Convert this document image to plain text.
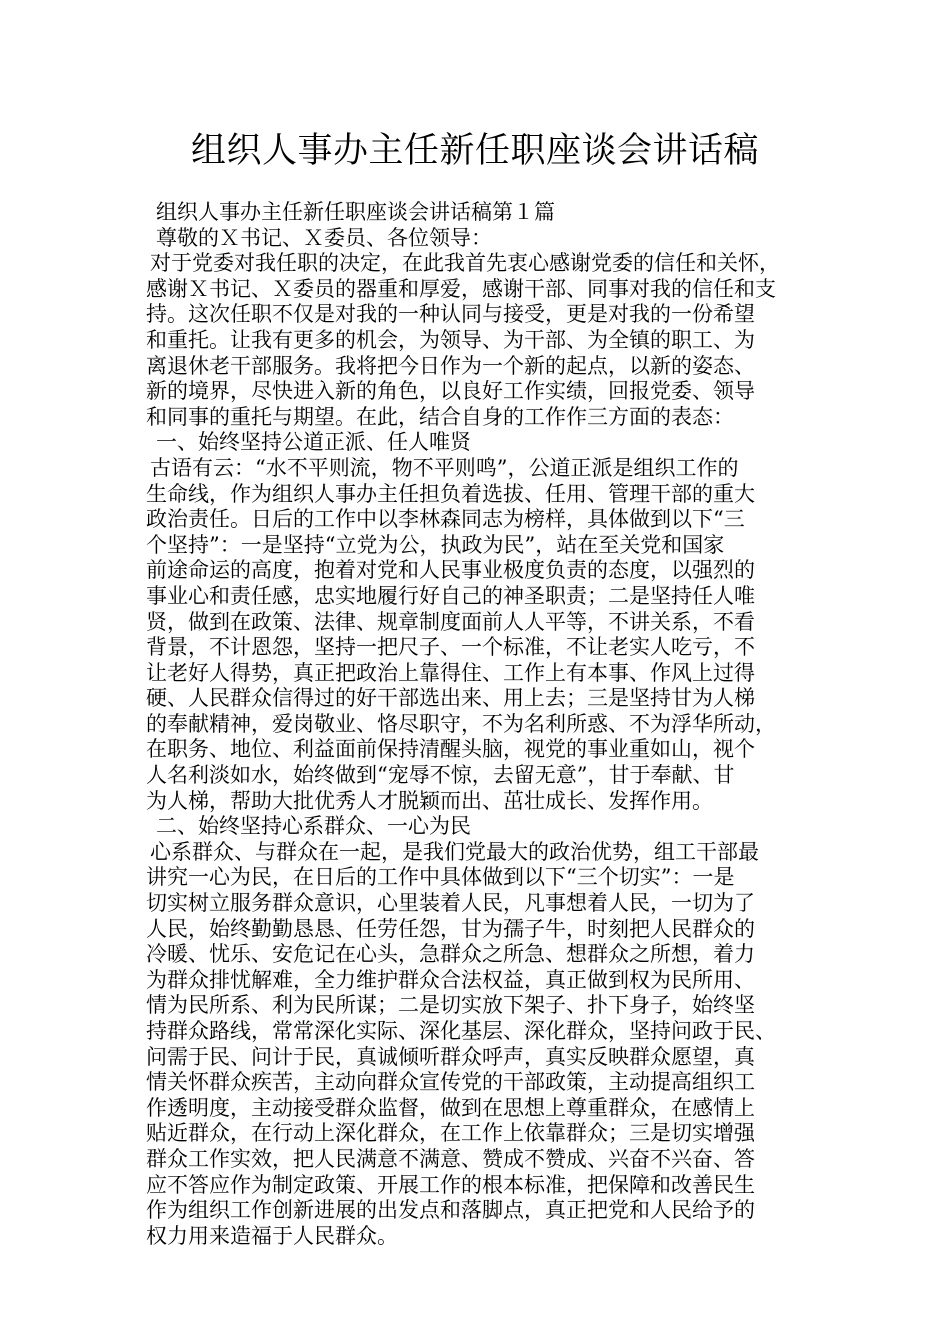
组织人事办主任新任职座谈会讲话稿
组织人事办主任新任职座谈会讲话稿第１篇
尊敬的Ｘ书记、Ｘ委员、各位领导：
对于党委对我任职的决定，在此我首先衷心感谢党委的信任和关怀，
感谢Ｘ书记、Ｘ委员的器重和厚爱，感谢干部、同事对我的信任和支
持。这次任职不仅是对我的一种认同与接受，更是对我的一份希望
和重托。让我有更多的机会，为领导、为干部、为全镇的职工、为
离退休老干部服务。我将把今日作为一个新的起点，以新的姿态、
新的境界，尽快进入新的角色，以良好工作实绩，回报党委、领导
和同事的重托与期望。在此，结合自身的工作作三方面的表态：
一、始终坚持公道正派、任人唯贤
古语有云：“水不平则流，物不平则鸣”，公道正派是组织工作的
生命线，作为组织人事办主任担负着选拔、任用、管理干部的重大
政治责任。日后的工作中以李林森同志为榜样，具体做到以下“三
个坚持”：一是坚持“立党为公，执政为民”，站在至关党和国家
前途命运的高度，抱着对党和人民事业极度负责的态度，以强烈的
事业心和责任感，忠实地履行好自己的神圣职责；二是坚持任人唯
贤，做到在政策、法律、规章制度面前人人平等，不讲关系，不看
背景，不计恩怨，坚持一把尺子、一个标准，不让老实人吃亏，不
让老好人得势，真正把政治上靠得住、工作上有本事、作风上过得
硬、人民群众信得过的好干部选出来、用上去；三是坚持甘为人梯
的奉献精神，爱岗敬业、恪尽职守，不为名利所惑、不为浮华所动，
在职务、地位、利益面前保持清醒头脑，视党的事业重如山，视个
人名利淡如水，始终做到“宠辱不惊，去留无意”，甘于奉献、甘
为人梯，帮助大批优秀人才脱颖而出、茁壮成长、发挥作用。
二、始终坚持心系群众、一心为民
心系群众、与群众在一起，是我们党最大的政治优势，组工干部最
讲究一心为民，在日后的工作中具体做到以下“三个切实”：一是
切实树立服务群众意识，心里装着人民，凡事想着人民，一切为了
人民，始终勤勤恳恳、任劳任怨，甘为孺子牛，时刻把人民群众的
冷暖、忧乐、安危记在心头，急群众之所急、想群众之所想，着力
为群众排忧解难，全力维护群众合法权益，真正做到权为民所用、
情为民所系、利为民所谋；二是切实放下架子、扑下身子，始终坚
持群众路线，常常深化实际、深化基层、深化群众，坚持问政于民、
问需于民、问计于民，真诚倾听群众呼声，真实反映群众愿望，真
情关怀群众疾苦，主动向群众宣传党的干部政策，主动提高组织工
作透明度，主动接受群众监督，做到在思想上尊重群众，在感情上
贴近群众，在行动上深化群众，在工作上依靠群众；三是切实增强
群众工作实效，把人民满意不满意、赞成不赞成、兴奋不兴奋、答
应不答应作为制定政策、开展工作的根本标准，把保障和改善民生
作为组织工作创新进展的出发点和落脚点，真正把党和人民给予的
权力用来造福于人民群众。
